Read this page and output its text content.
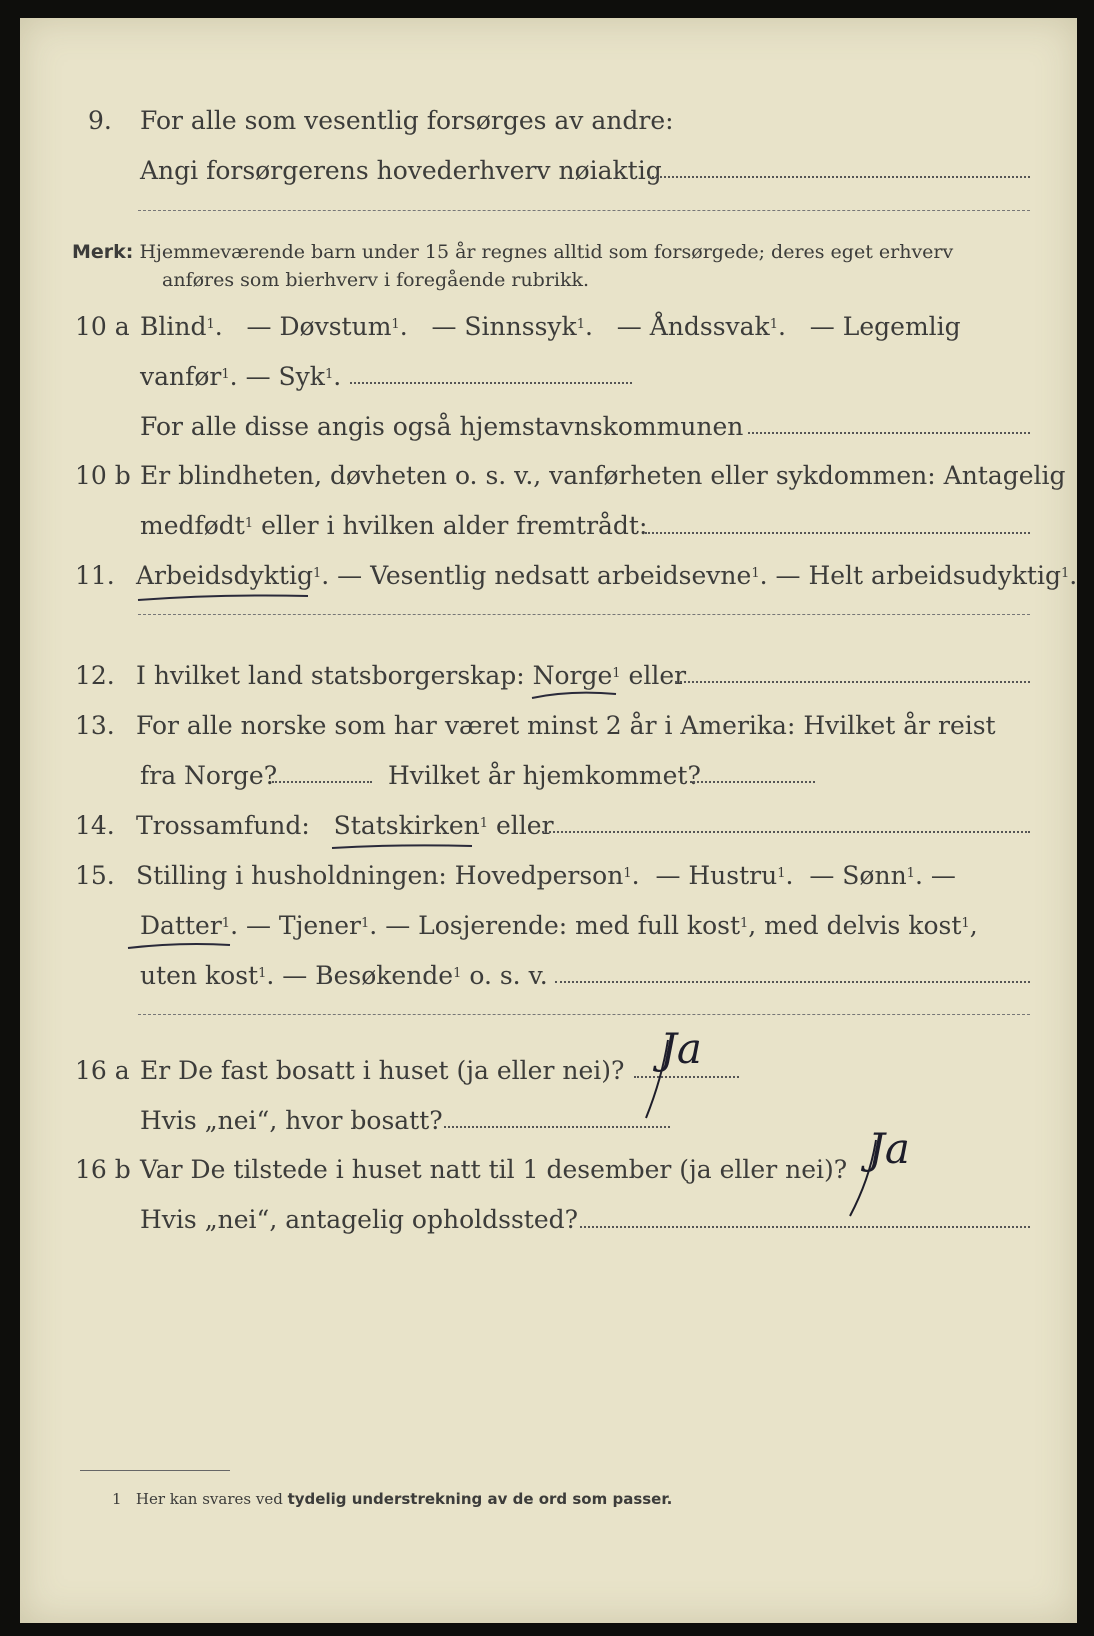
9. For alle som vesentlig forsørges av andre:
Angi forsørgerens hovederhverv nøiaktig
Merk: Hjemmeværende barn under 15 år regnes alltid som forsørgede; deres eget erhverv
anføres som bierhverv i foregående rubrikk.
10 a Blind$^1$.   — Døvstum$^1$.   — Sinnssyk$^1$.   — Åndssvak$^1$.   — Legemlig
vanfør$^1$. — Syk$^1$.
For alle disse angis også hjemstavnskommunen
10 b Er blindheten, døvheten o. s. v., vanførheten eller sykdommen: Antagelig
medfødt$^1$ eller i hvilken alder fremtrådt:
11. Arbeidsdyktig$^1$. — Vesentlig nedsatt arbeidsevne$^1$. — Helt arbeidsudyktig$^1$.
12. I hvilket land statsborgerskap: Norge$^1$ eller
13. For alle norske som har været minst 2 år i Amerika: Hvilket år reist
fra Norge?	Hvilket år hjemkommet?
14. Trossamfund: Statskirken$^1$ eller
15. Stilling i husholdningen: Hovedperson$^1$.  — Hustru$^1$.  — Sønn$^1$. —
Datter$^1$. — Tjener$^1$. — Losjerende: med full kost$^1$, med delvis kost$^1$,
uten kost$^1$. — Besøkende$^1$ o. s. v.
16 a Er De fast bosatt i huset (ja eller nei)? Ja
Hvis „nei“, hvor bosatt?
16 b Var De tilstede i huset natt til 1 desember (ja eller nei)? Ja
Hvis „nei“, antagelig opholdssted?
1 Her kan svares ved tydelig understrekning av de ord som passer.
